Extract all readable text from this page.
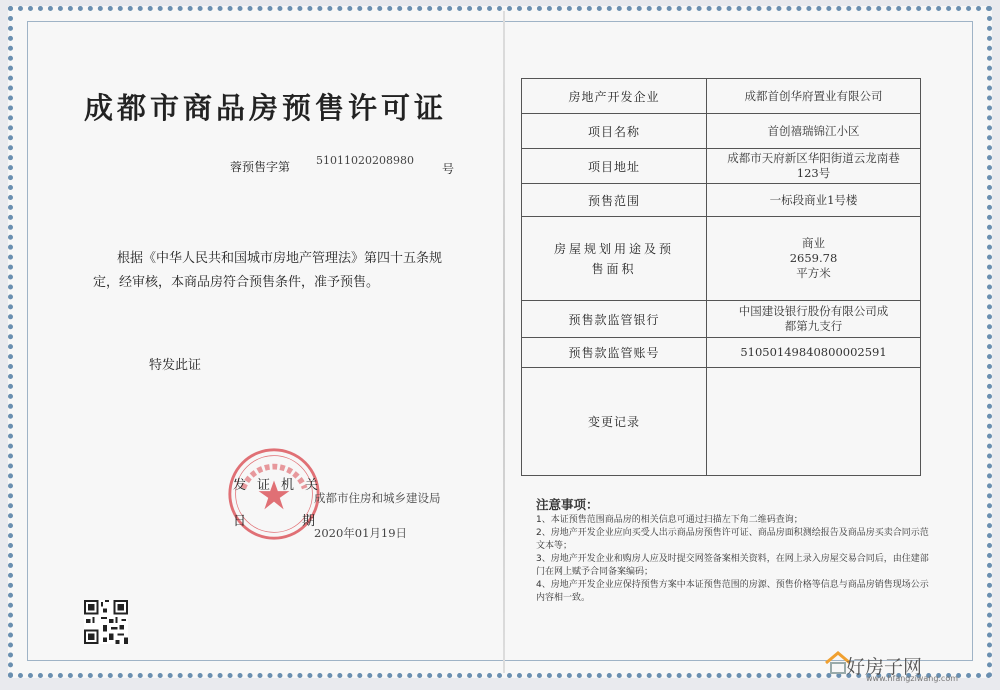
成都市商品房预售许可证
蓉预售字第 51011020208980
号
根据《中华人民共和国城市房地产管理法》第四十五条规定，经审核，本商品房符合预售条件，准予预售。
特发此证
发证机关
成都市住房和城乡建设局
日	期
2020年01月19日
房地产开发企业	成都首创华府置业有限公司
项目名称	首创禧瑞锦江小区
项目地址	成都市天府新区华阳街道云龙南巷123号
预售范围	一标段商业1号楼
房屋规划用途及预售面积	商业 2659.78平方米
预售款监管银行	中国建设银行股份有限公司成都第九支行
预售款监管账号	51050149840800002591
变更记录	
注意事项：

1、本证预售范围商品房的相关信息可通过扫描左下角二维码查询；

2、房地产开发企业应向买受人出示商品房预售许可证、商品房面积测绘报告及商品房买卖合同示范文本等；

3、房地产开发企业和购房人应及时提交网签备案相关资料，在网上录入房屋交易合同后，由住建部门在网上赋予合同备案编码；

4、房地产开发企业应保持预售方案中本证预售范围的房源、预售价格等信息与商品房销售现场公示内容相一致。

好房子网
www.hfangziwang.com
